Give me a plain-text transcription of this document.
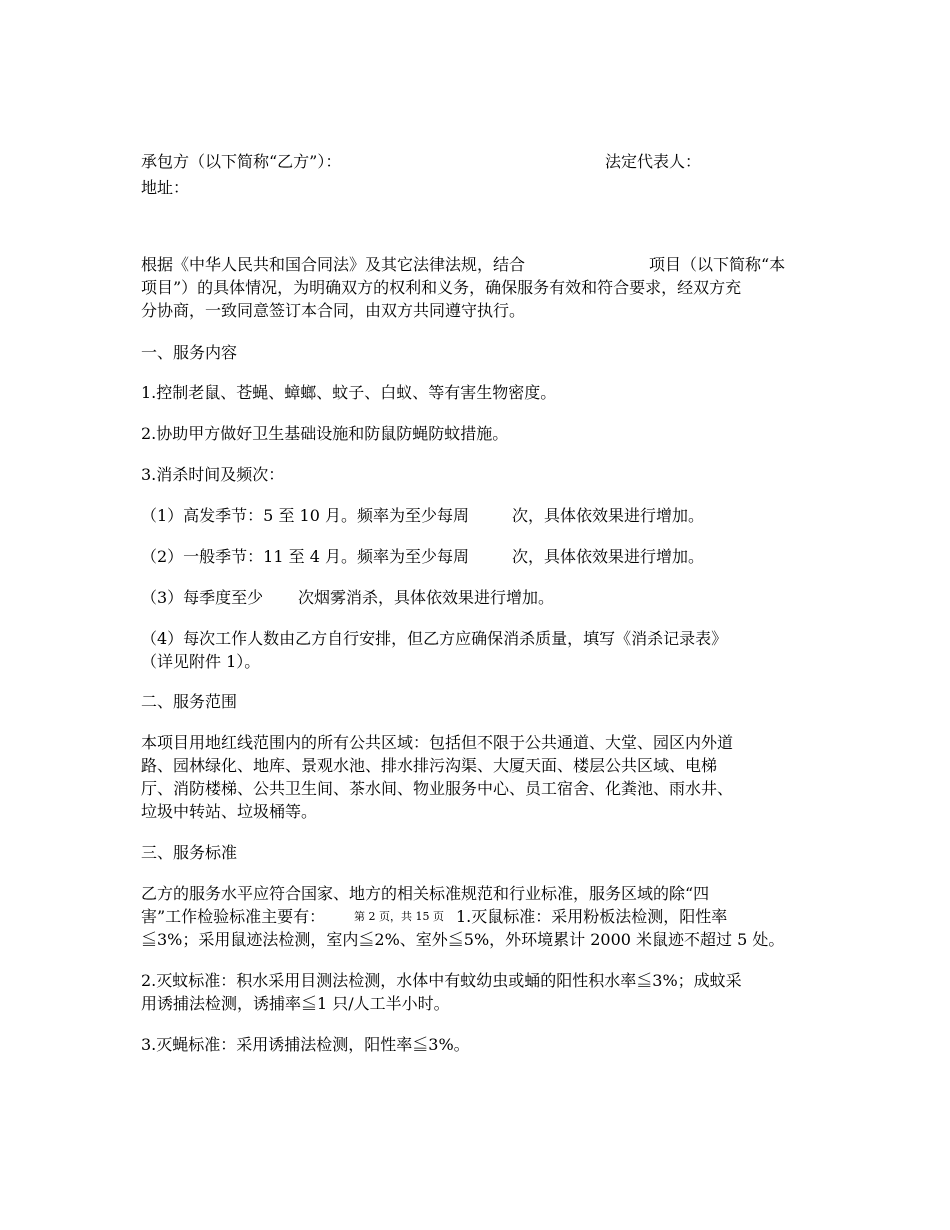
承包方（以下简称“乙方”）：	法定代表人：
地址：
根据《中华人民共和国合同法》及其它法律法规，结合	项目（以下简称“本
项目”）的具体情况，为明确双方的权利和义务，确保服务有效和符合要求，经双方充
分协商，一致同意签订本合同，由双方共同遵守执行。
一、服务内容
1.控制老鼠、苍蝇、蟑螂、蚊子、白蚁、等有害生物密度。
2.协助甲方做好卫生基础设施和防鼠防蝇防蚊措施。
3.消杀时间及频次：
（1）高发季节：5 至 10 月。频率为至少每周	次，具体依效果进行增加。
（2）一般季节：11 至 4 月。频率为至少每周	次，具体依效果进行增加。
（3）每季度至少 次烟雾消杀，具体依效果进行增加。
（4）每次工作人数由乙方自行安排，但乙方应确保消杀质量，填写《消杀记录表》
（详见附件 1）。
二、服务范围
本项目用地红线范围内的所有公共区域：包括但不限于公共通道、大堂、园区内外道
路、园林绿化、地库、景观水池、排水排污沟渠、大厦天面、楼层公共区域、电梯
厅、消防楼梯、公共卫生间、茶水间、物业服务中心、员工宿舍、化粪池、雨水井、
垃圾中转站、垃圾桶等。
三、服务标准
乙方的服务水平应符合国家、地方的相关标准规范和行业标准，服务区域的除“四
害”工作检验标准主要有：	第 2 页，共 15 页 1.灭鼠标准：采用粉板法检测，阳性率
≦3%；采用鼠迹法检测，室内≦2%、室外≦5%，外环境累计 2000 米鼠迹不超过 5 处。
2.灭蚊标准：积水采用目测法检测，水体中有蚊幼虫或蛹的阳性积水率≦3%；成蚊采
用诱捕法检测，诱捕率≦1 只/人工半小时。
3.灭蝇标准：采用诱捕法检测，阳性率≦3%。
